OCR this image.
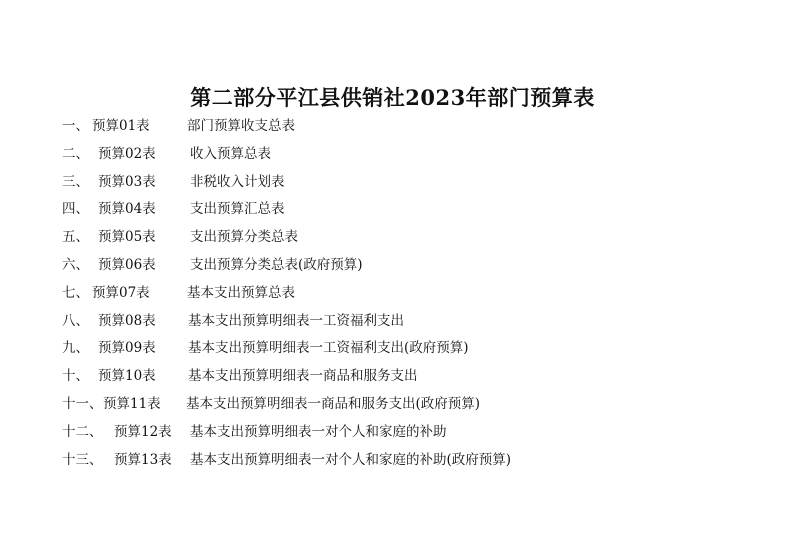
第二部分平江县供销社2023年部门预算表
一、 预算01表	部门预算收支总表
二、 预算02表	收入预算总表
三、 预算03表	非税收入计划表
四、 预算04表	支出预算汇总表
五、 预算05表	支出预算分类总表
六、 预算06表	支出预算分类总表(政府预算)
七、 预算07表	基本支出预算总表
八、 预算08表 基本支出预算明细表一工资福利支出
九、 预算09表 基本支出预算明细表一工资福利支出(政府预算)
十、 预算10表 基本支出预算明细表一商品和服务支出
十一、 预算11表 基本支出预算明细表一商品和服务支出(政府预算)
十二、 预算12表 基本支出预算明细表一对个人和家庭的补助
十三、 预算13表 基本支出预算明细表一对个人和家庭的补助(政府预算)
